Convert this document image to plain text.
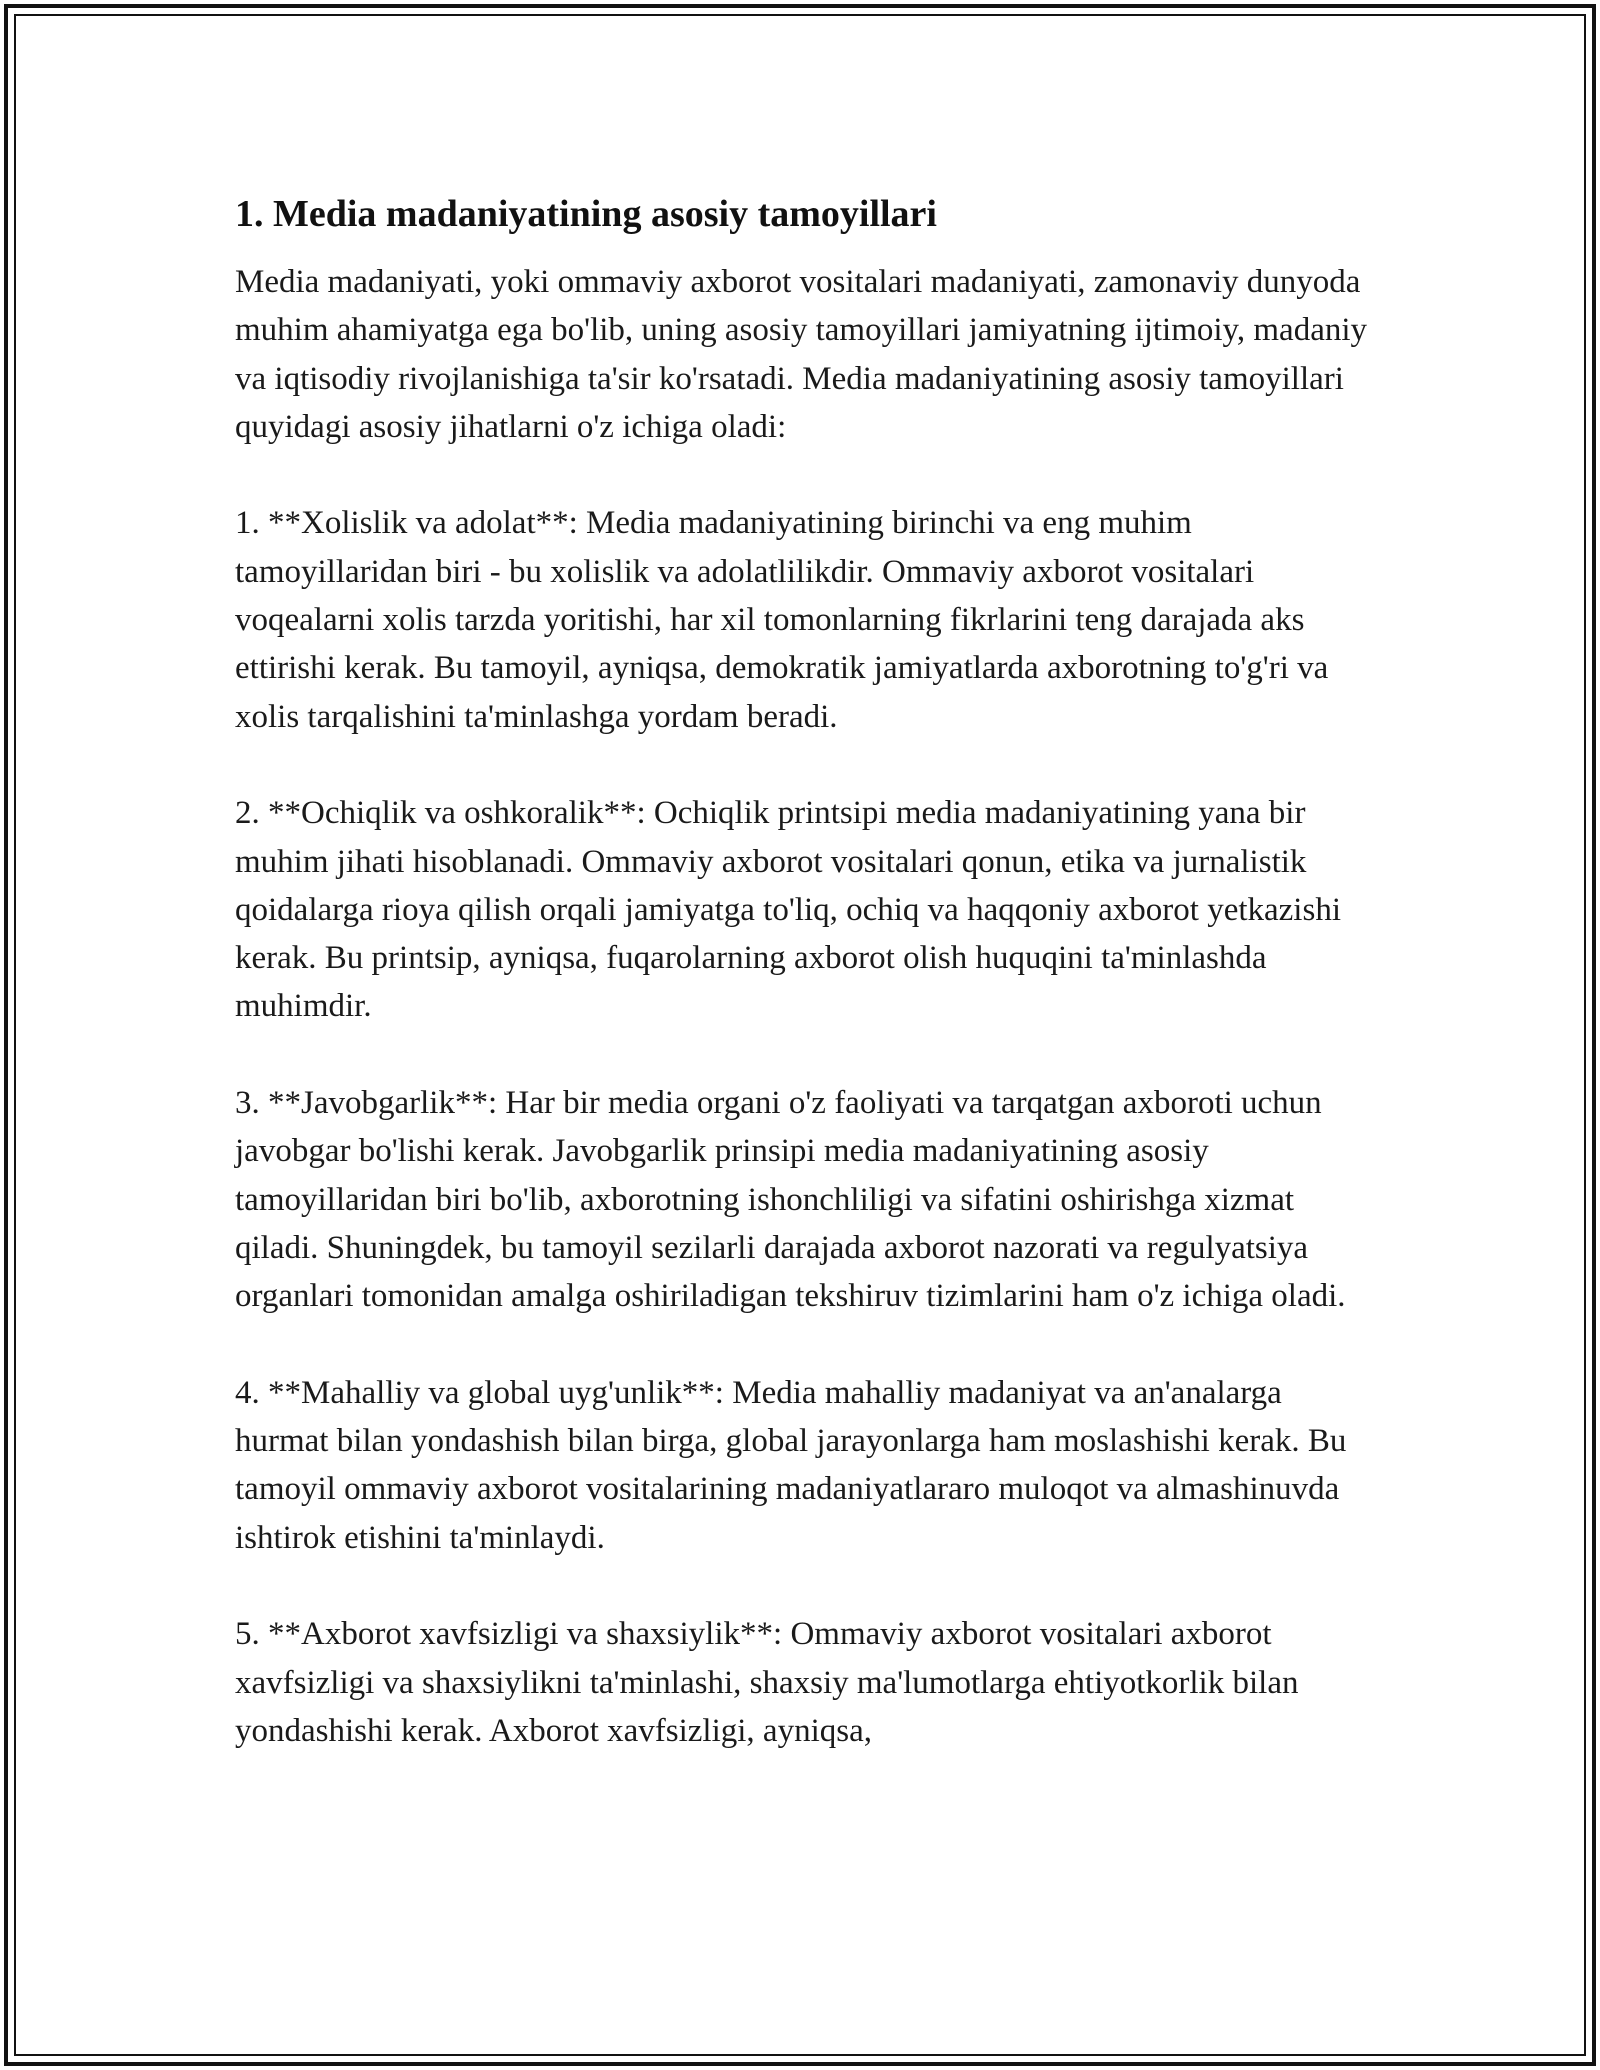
1. Media madaniyatining asosiy tamoyillari

Media madaniyati, yoki ommaviy axborot vositalari madaniyati, zamonaviy dunyoda muhim ahamiyatga ega bo'lib, uning asosiy tamoyillari jamiyatning ijtimoiy, madaniy va iqtisodiy rivojlanishiga ta'sir ko'rsatadi. Media madaniyatining asosiy tamoyillari quyidagi asosiy jihatlarni o'z ichiga oladi:

1. **Xolislik va adolat**: Media madaniyatining birinchi va eng muhim tamoyillaridan biri - bu xolislik va adolatlilikdir. Ommaviy axborot vositalari voqealarni xolis tarzda yoritishi, har xil tomonlarning fikrlarini teng darajada aks ettirishi kerak. Bu tamoyil, ayniqsa, demokratik jamiyatlarda axborotning to'g'ri va xolis tarqalishini ta'minlashga yordam beradi.

2. **Ochiqlik va oshkoralik**: Ochiqlik printsipi media madaniyatining yana bir muhim jihati hisoblanadi. Ommaviy axborot vositalari qonun, etika va jurnalistik qoidalarga rioya qilish orqali jamiyatga to'liq, ochiq va haqqoniy axborot yetkazishi kerak. Bu printsip, ayniqsa, fuqarolarning axborot olish huquqini ta'minlashda muhimdir.

3. **Javobgarlik**: Har bir media organi o'z faoliyati va tarqatgan axboroti uchun javobgar bo'lishi kerak. Javobgarlik prinsipi media madaniyatining asosiy tamoyillaridan biri bo'lib, axborotning ishonchliligi va sifatini oshirishga xizmat qiladi. Shuningdek, bu tamoyil sezilarli darajada axborot nazorati va regulyatsiya organlari tomonidan amalga oshiriladigan tekshiruv tizimlarini ham o'z ichiga oladi.

4. **Mahalliy va global uyg'unlik**: Media mahalliy madaniyat va an'analarga hurmat bilan yondashish bilan birga, global jarayonlarga ham moslashishi kerak. Bu tamoyil ommaviy axborot vositalarining madaniyatlararo muloqot va almashinuvda ishtirok etishini ta'minlaydi.

5. **Axborot xavfsizligi va shaxsiylik**: Ommaviy axborot vositalari axborot xavfsizligi va shaxsiylikni ta'minlashi, shaxsiy ma'lumotlarga ehtiyotkorlik bilan yondashishi kerak. Axborot xavfsizligi, ayniqsa,
